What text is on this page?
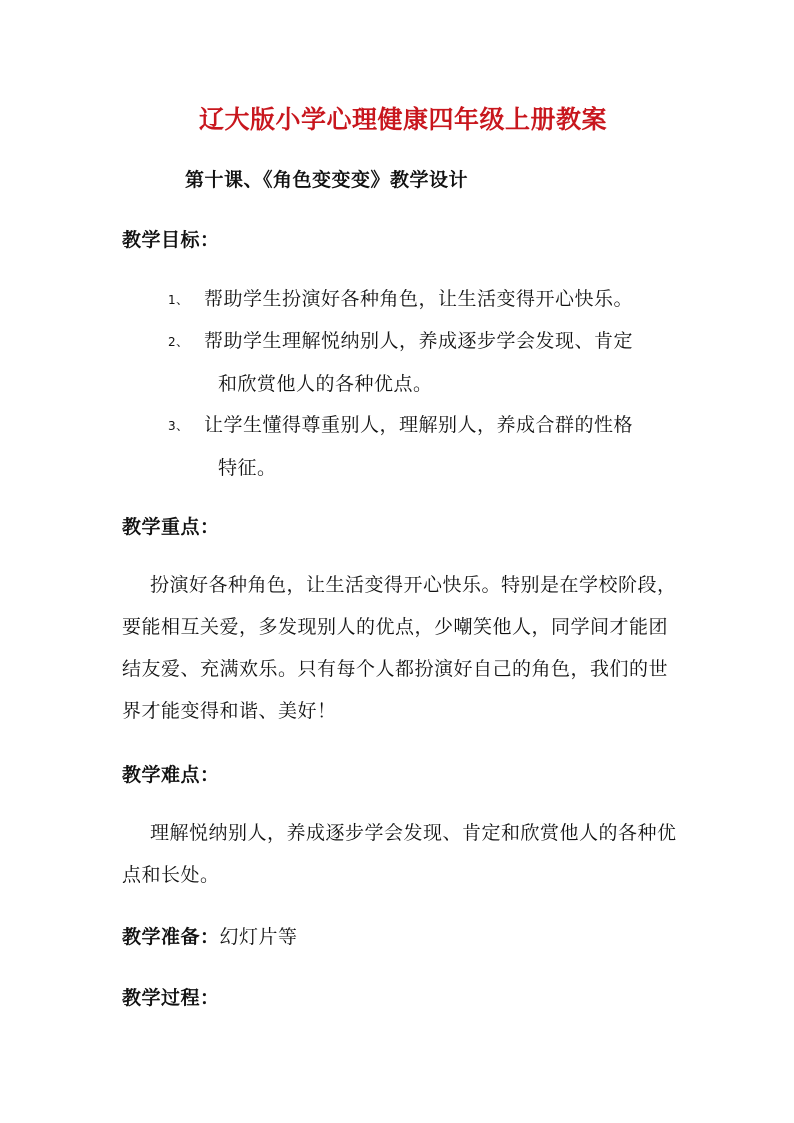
辽大版小学心理健康四年级上册教案
第十课、《角色变变变》教学设计
教学目标：
1、 帮助学生扮演好各种角色，让生活变得开心快乐。
2、 帮助学生理解悦纳别人，养成逐步学会发现、肯定
和欣赏他人的各种优点。
3、 让学生懂得尊重别人，理解别人，养成合群的性格
特征。
教学重点：

扮演好各种角色，让生活变得开心快乐。特别是在学校阶段，要能相互关爱，多发现别人的优点，少嘲笑他人，同学间才能团结友爱、充满欢乐。只有每个人都扮演好自己的角色，我们的世界才能变得和谐、美好！

教学难点：

理解悦纳别人，养成逐步学会发现、肯定和欣赏他人的各种优点和长处。

教学准备：幻灯片等
教学过程：
